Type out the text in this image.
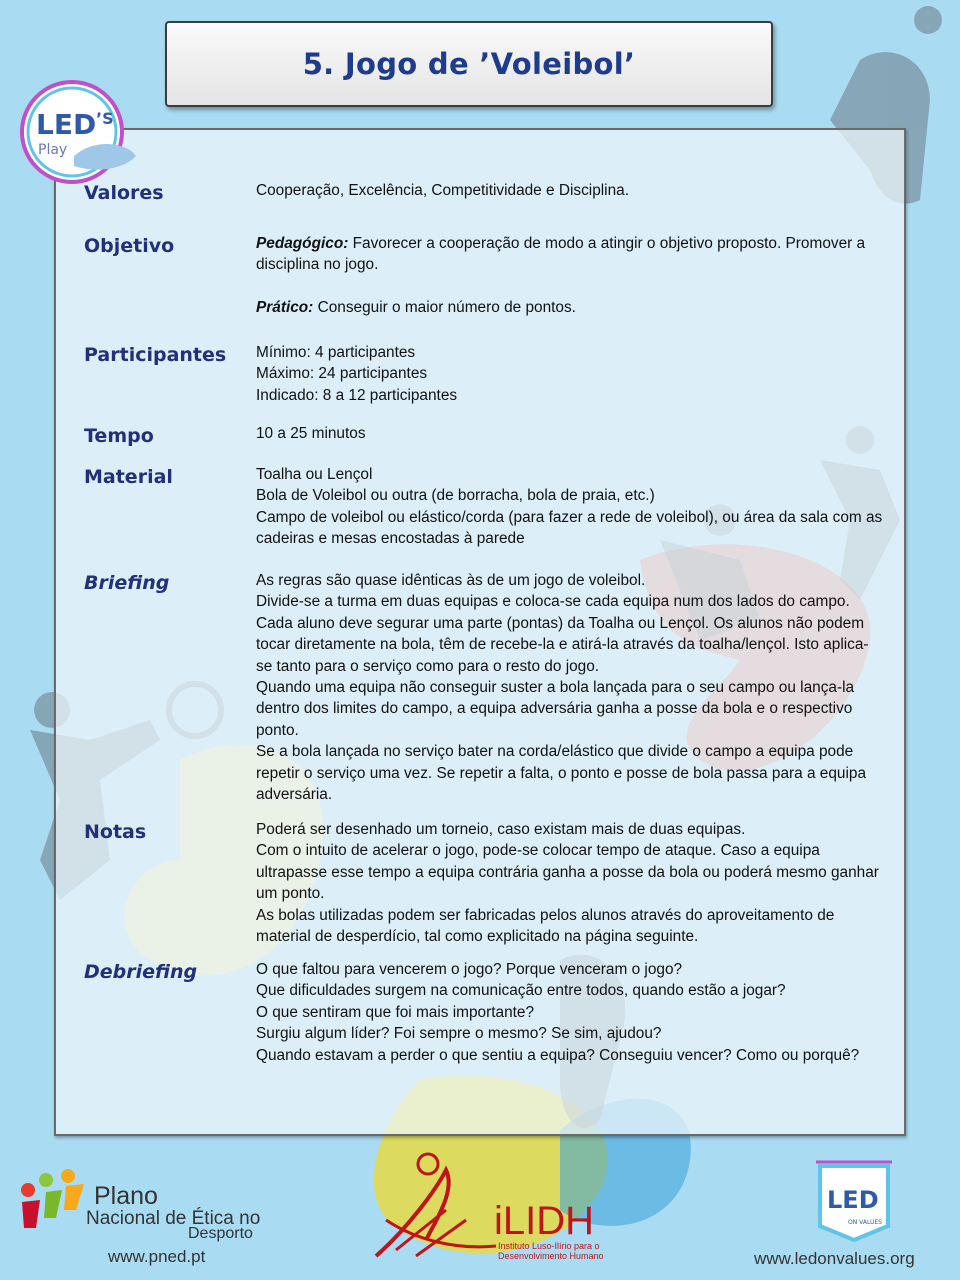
LED ’S
Play
5. Jogo de ’Voleibol’
Valores	Cooperação, Excelência, Competitividade e Disciplina.

Objetivo	Pedagógico: Favorecer a cooperação de modo a atingir o objetivo proposto. Promover a disciplina no jogo.

Prático: Conseguir o maior número de pontos.

Participantes	Mínimo: 4 participantes

Máximo: 24 participantes

Indicado: 8 a 12 participantes

Tempo	10 a 25 minutos

Material	Toalha ou Lençol

Bola de Voleibol ou outra (de borracha, bola de praia, etc.)

Campo de voleibol ou elástico/corda (para fazer a rede de voleibol), ou área da sala com as cadeiras e mesas encostadas à parede

Briefing	As regras são quase idênticas às de um jogo de voleibol.

Divide-se a turma em duas equipas e coloca-se cada equipa num dos lados do campo. Cada aluno deve segurar uma parte (pontas) da Toalha ou Lençol. Os alunos não podem tocar diretamente na bola, têm de recebe-la e atirá-la através da toalha/lençol. Isto aplica-se tanto para o serviço como para o resto do jogo.

Quando uma equipa não conseguir suster a bola lançada para o seu campo ou lança-la dentro dos limites do campo, a equipa adversária ganha a posse da bola e o respectivo ponto.

Se a bola lançada no serviço bater na corda/elástico que divide o campo a equipa pode repetir o serviço uma vez. Se repetir a falta, o ponto e posse de bola passa para a equipa adversária.

Notas	Poderá ser desenhado um torneio, caso existam mais de duas equipas.

Com o intuito de acelerar o jogo, pode-se colocar tempo de ataque. Caso a equipa ultrapasse esse tempo a equipa contrária ganha a posse da bola ou poderá mesmo ganhar um ponto.

As bolas utilizadas podem ser fabricadas pelos alunos através do aproveitamento de material de desperdício, tal como explicitado na página seguinte.

Debriefing	O que faltou para vencerem o jogo? Porque venceram o jogo?

Que dificuldades surgem na comunicação entre todos, quando estão a jogar?

O que sentiram que foi mais importante?

Surgiu algum líder? Foi sempre o mesmo? Se sim, ajudou?

Quando estavam a perder o que sentiu a equipa? Conseguiu vencer? Como ou porquê?

Plano
Nacional de Ética no
Desporto
www.pned.pt
iLIDH
Instituto Luso-Ilírio para o
Desenvolvimento Humano
LED
ON VALUES
www.ledonvalues.org
